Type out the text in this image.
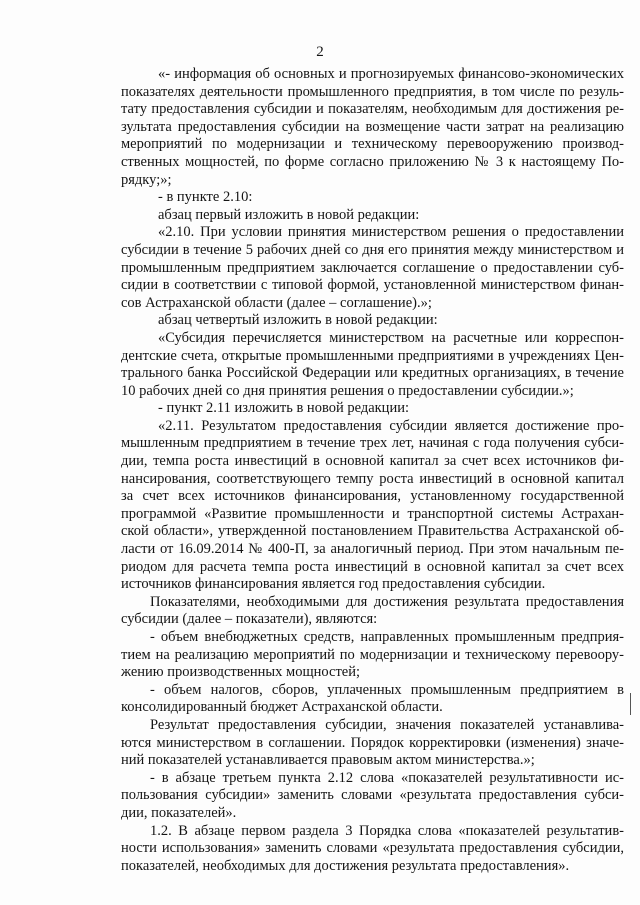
2
«- информация об основных и прогнозируемых финансово-экономических
показателях деятельности промышленного предприятия, в том числе по резуль-
тату предоставления субсидии и показателям, необходимым для достижения ре-
зультата предоставления субсидии на возмещение части затрат на реализацию
мероприятий по модернизации и техническому перевооружению производ-
ственных мощностей, по форме согласно приложению № 3 к настоящему По-
рядку;»;
- в пункте 2.10:
абзац первый изложить в новой редакции:
«2.10. При условии принятия министерством решения о предоставлении
субсидии в течение 5 рабочих дней со дня его принятия между министерством и
промышленным предприятием заключается соглашение о предоставлении суб-
сидии в соответствии с типовой формой, установленной министерством финан-
сов Астраханской области (далее – соглашение).»;
абзац четвертый изложить в новой редакции:
«Субсидия перечисляется министерством на расчетные или корреспон-
дентские счета, открытые промышленными предприятиями в учреждениях Цен-
трального банка Российской Федерации или кредитных организациях, в течение
10 рабочих дней со дня принятия решения о предоставлении субсидии.»;
- пункт 2.11 изложить в новой редакции:
«2.11. Результатом предоставления субсидии является достижение про-
мышленным предприятием в течение трех лет, начиная с года получения субси-
дии, темпа роста инвестиций в основной капитал за счет всех источников фи-
нансирования, соответствующего темпу роста инвестиций в основной капитал
за счет всех источников финансирования, установленному государственной
программой «Развитие промышленности и транспортной системы Астрахан-
ской области», утвержденной постановлением Правительства Астраханской об-
ласти от 16.09.2014 № 400-П, за аналогичный период. При этом начальным пе-
риодом для расчета темпа роста инвестиций в основной капитал за счет всех
источников финансирования является год предоставления субсидии.
Показателями, необходимыми для достижения результата предоставления
субсидии (далее – показатели), являются:
- объем внебюджетных средств, направленных промышленным предприя-
тием на реализацию мероприятий по модернизации и техническому перевоору-
жению производственных мощностей;
- объем налогов, сборов, уплаченных промышленным предприятием в
консолидированный бюджет Астраханской области.
Результат предоставления субсидии, значения показателей устанавлива-
ются министерством в соглашении. Порядок корректировки (изменения) значе-
ний показателей устанавливается правовым актом министерства.»;
- в абзаце третьем пункта 2.12 слова «показателей результативности ис-
пользования субсидии» заменить словами «результата предоставления субси-
дии, показателей».
1.2. В абзаце первом раздела 3 Порядка слова «показателей результатив-
ности использования» заменить словами «результата предоставления субсидии,
показателей, необходимых для достижения результата предоставления».
